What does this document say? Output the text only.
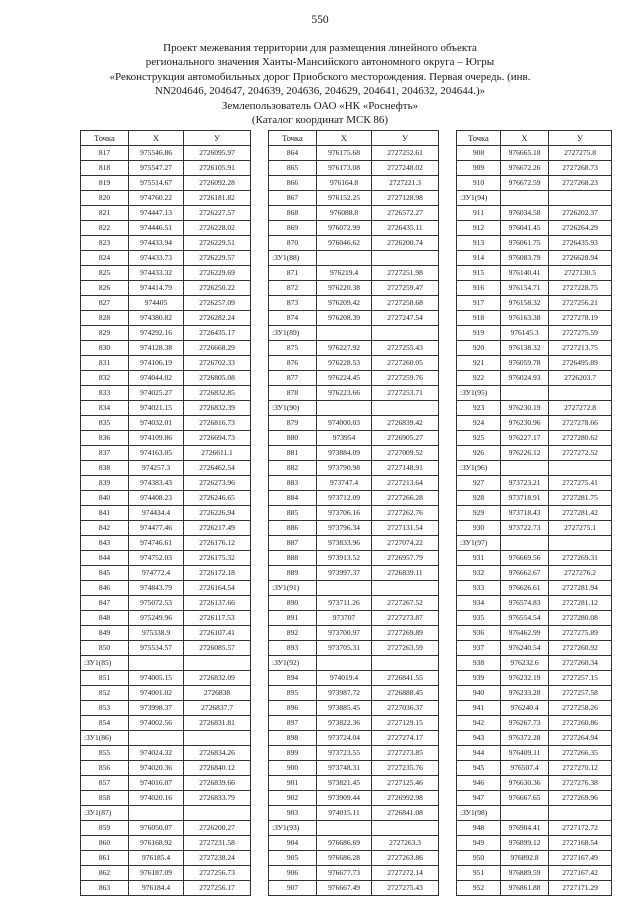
550
Проект межевания территории для размещения линейного объекта
регионального значения Ханты-Мансийского автономного округа – Югры
«Реконструкция автомобильных дорог Приобского месторождения. Первая очередь. (инв.
NN204646, 204647, 204639, 204636, 204629, 204641, 204632, 204644.)»
Землепользователь ОАО «НК «Роснефть»
(Каталог координат МСК 86)
Точка	X	У
817	975546.86	2726095.97
818	975547.27	2726105.91
819	975514.67	2726092.28
820	974760.22	2726181.82
821	974447.13	2726227.57
822	974446.51	2726228.02
823	974433.94	2726229.51
824	974433.73	2726229.57
825	974433.32	2726229.69
826	974414.79	2726250.22
827	974405	2726257.09
828	974380.82	2726282.24
829	974292.16	2726435.17
830	974128.38	2726668.29
831	974106.19	2726702.33
832	974044.02	2726805.08
833	974025.27	2726832.85
834	974021.15	2726832.39
835	974032.01	2726816.73
836	974109.86	2726694.73
837	974163.05	2726611.1
838	974257.3	2726462.54
839	974383.43	2726273.96
840	974408.23	2726246.65
841	974434.4	2726226.94
842	974477.46	2726217.49
843	974746.61	2726176.12
844	974752.03	2726175.32
845	974772.4	2726172.18
846	974843.79	2726164.54
847	975072.53	2726137.66
848	975249.96	2726117.53
849	975338.9	2726107.41
850	975534.57	2726085.57
:ЗУ1(85)		
851	974005.15	2726832.09
852	974001.02	2726838
853	973998.37	2726837.7
854	974002.56	2726831.81
:ЗУ1(86)		
855	974024.32	2726834.26
856	974020.36	2726840.12
857	974016.07	2726839.66
858	974020.16	2726833.79
:ЗУ1(87)		
859	976050.07	2726200.27
860	976168.92	2727231.58
861	976185.4	2727238.24
862	976187.09	2727256.73
863	976184.4	2727256.17
Точка	X	У
864	976175.68	2727252.61
865	976173.08	2727248.02
866	976164.8	2727221.3
867	976152.25	2727128.98
868	976088.8	2726572.27
869	976072.99	2726435.11
870	976046.62	2726200.74
:ЗУ1(88)		
871	976219.4	2727251.98
872	976220.38	2727259.47
873	976209.42	2727258.68
874	976208.39	2727247.54
:ЗУ1(89)		
875	976227.92	2727255.43
876	976228.53	2727260.05
877	976224.45	2727259.76
878	976223.66	2727253.71
:ЗУ1(90)		
879	974000.03	2726839.42
880	973954	2726905.27
881	973884.09	2727009.52
882	973790.98	2727148.91
883	973747.4	2727213.64
884	973712.09	2727266.28
885	973706.16	2727262.76
886	973796.34	2727131.54
887	973833.96	2727074.22
888	973913.52	2726957.79
889	973997.37	2726839.11
:ЗУ1(91)		
890	973711.26	2727267.52
891	973707	2727273.87
892	973700.97	2727269.89
893	973705.31	2727263.59
:ЗУ1(92)		
894	974019.4	2726841.55
895	973987.72	2726888.45
896	973885.45	2727036.37
897	973822.36	2727129.15
898	973724.04	2727274.17
899	973723.55	2727273.85
900	973748.31	2727235.76
901	973821.45	2727125.46
902	973909.44	2726992.98
903	974015.11	2726841.08
:ЗУ1(93)		
904	976686.69	2727263.3
905	976686.28	2727263.86
906	976677.73	2727272.14
907	976667.49	2727275.43
Точка	X	У
908	976665.18	2727275.8
909	976672.26	2727268.73
910	976672.59	2727268.23
:ЗУ1(94)		
911	976034.58	2726202.37
912	976041.45	2726264.29
913	976061.75	2726435.93
914	976083.79	2726628.94
915	976140.41	2727130.5
916	976154.71	2727228.75
917	976158.32	2727256.21
918	976163.38	2727278.19
919	976145.3	2727275.59
920	976138.32	2727213.75
921	976059.78	2726495.89
922	976024.93	2726203.7
:ЗУ1(95)		
923	976230.19	2727272.8
924	976230.96	2727278.66
925	976227.17	2727280.62
926	976226.12	2727272.52
:ЗУ1(96)		
927	973723.21	2727275.41
928	973718.91	2727281.75
929	973718.43	2727281.42
930	973722.73	2727275.1
:ЗУ1(97)		
931	976669.56	2727269.31
932	976662.67	2727276.2
933	976626.61	2727281.94
934	976574.83	2727281.12
935	976554.54	2727280.08
936	976462.99	2727275.89
937	976240.54	2727260.92
938	976232.6	2727260.34
939	976232.19	2727257.15
940	976233.28	2727257.58
941	976240.4	2727258.26
942	976267.73	2727260.86
943	976372.28	2727264.94
944	976409.11	2727266.35
945	976507.4	2727270.12
946	976630.36	2727276.38
947	976667.65	2727269.96
:ЗУ1(98)		
948	976904.41	2727172.72
949	976899.12	2727168.54
950	976892.8	2727167.49
951	976889.59	2727167.42
952	976861.88	2727171.29
